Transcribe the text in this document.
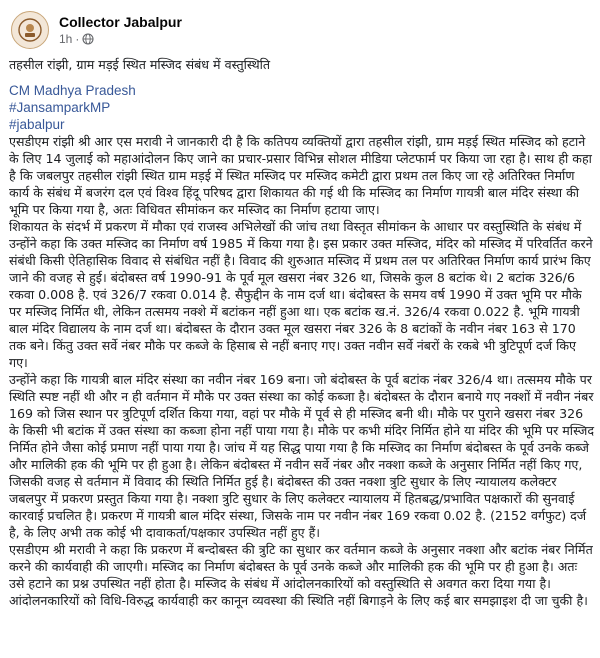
Collector Jabalpur
1h ·

तहसील रांझी, ग्राम मड़ई स्थित मस्जिद संबंध में वस्तुस्थिति

CM Madhya Pradesh
#JansamparkMP
#jabalpur

एसडीएम रांझी श्री आर एस मरावी ने जानकारी दी है कि कतिपय व्यक्तियों द्वारा तहसील रांझी, ग्राम मड़ई स्थित मस्जिद को हटाने के लिए 14 जुलाई को महाआंदोलन किए जाने का प्रचार-प्रसार विभिन्न सोशल मीडिया प्लेटफार्म पर किया जा रहा है। साथ ही कहा है कि जबलपुर तहसील रांझी स्थित ग्राम मड़ई में स्थित मस्जिद पर मस्जिद कमेटी द्वारा प्रथम तल किए जा रहे अतिरिक्त निर्माण कार्य के संबंध में बजरंग दल एवं विश्व हिंदू परिषद द्वारा शिकायत की गई थी कि मस्जिद का निर्माण गायत्री बाल मंदिर संस्था की भूमि पर किया गया है, अतः विधिवत सीमांकन कर मस्जिद का निर्माण हटाया जाए।

शिकायत के संदर्भ में प्रकरण में मौका एवं राजस्व अभिलेखों की जांच तथा विस्तृत सीमांकन के आधार पर वस्तुस्थिति के संबंध में उन्होंने कहा कि उक्त मस्जिद का निर्माण वर्ष 1985 में किया गया है। इस प्रकार उक्त मस्जिद, मंदिर को मस्जिद में परिवर्तित करने संबंधी किसी ऐतिहासिक विवाद से संबंधित नहीं है। विवाद की शुरुआत मस्जिद में प्रथम तल पर अतिरिक्त निर्माण कार्य प्रारंभ किए जाने की वजह से हुई। बंदोबस्त वर्ष 1990-91 के पूर्व मूल खसरा नंबर 326 था, जिसके कुल 8 बटांक थे। 2 बटांक 326/6 रकवा 0.008 है. एवं 326/7 रकवा 0.014 है. सैफुद्दीन के नाम दर्ज था। बंदोबस्त के समय वर्ष 1990 में उक्त भूमि पर मौके पर मस्जिद निर्मित थी, लेकिन तत्समय नक्शे में बटांकन नहीं हुआ था। एक बटांक ख.नं. 326/4 रकवा 0.022 है. भूमि गायत्री बाल मंदिर विद्यालय के नाम दर्ज था। बंदोबस्त के दौरान उक्त मूल खसरा नंबर 326 के 8 बटांकों के नवीन नंबर 163 से 170 तक बने। किंतु उक्त सर्वे नंबर मौके पर कब्जे के हिसाब से नहीं बनाए गए। उक्त नवीन सर्वे नंबरों के रकबे भी त्रुटिपूर्ण दर्ज किए गए।

उन्होंने कहा कि गायत्री बाल मंदिर संस्था का नवीन नंबर 169 बना। जो बंदोबस्त के पूर्व बटांक नंबर 326/4 था। तत्समय मौके पर स्थिति स्पष्ट नहीं थी और न ही वर्तमान में मौके पर उक्त संस्था का कोई कब्जा है। बंदोबस्त के दौरान बनाये गए नक्शों में नवीन नंबर 169 को जिस स्थान पर त्रुटिपूर्ण दर्शित किया गया, वहां पर मौके में पूर्व से ही मस्जिद बनी थी। मौके पर पुराने खसरा नंबर 326 के किसी भी बटांक में उक्त संस्था का कब्जा होना नहीं पाया गया है। मौके पर कभी मंदिर निर्मित होने या मंदिर की भूमि पर मस्जिद निर्मित होने जैसा कोई प्रमाण नहीं पाया गया है। जांच में यह सिद्ध पाया गया है कि मस्जिद का निर्माण बंदोबस्त के पूर्व उनके कब्जे और मालिकी हक की भूमि पर ही हुआ है। लेकिन बंदोबस्त में नवीन सर्वे नंबर और नक्शा कब्जे के अनुसार निर्मित नहीं किए गए, जिसकी वजह से वर्तमान में विवाद की स्थिति निर्मित हुई है। बंदोबस्त की उक्त नक्शा त्रुटि सुधार के लिए न्यायालय कलेक्टर जबलपुर में प्रकरण प्रस्तुत किया गया है। नक्शा त्रुटि सुधार के लिए कलेक्टर न्यायालय में हितबद्ध/प्रभावित पक्षकारों की सुनवाई कारवाई प्रचलित है। प्रकरण में गायत्री बाल मंदिर संस्था, जिसके नाम पर नवीन नंबर 169 रकवा 0.02 है. (2152 वर्गफुट) दर्ज है, के लिए अभी तक कोई भी दावाकर्ता/पक्षकार उपस्थित नहीं हुए हैं।

एसडीएम श्री मरावी ने कहा कि प्रकरण में बन्दोबस्त की त्रुटि का सुधार कर वर्तमान कब्जे के अनुसार नक्शा और बटांक नंबर निर्मित करने की कार्यवाही की जाएगी। मस्जिद का निर्माण बंदोबस्त के पूर्व उनके कब्जे और मालिकी हक की भूमि पर ही हुआ है। अतः उसे हटाने का प्रश्न उपस्थित नहीं होता है। मस्जिद के संबंध में आंदोलनकारियों को वस्तुस्थिति से अवगत करा दिया गया है। आंदोलनकारियों को विधि-विरुद्ध कार्यवाही कर कानून व्यवस्था की स्थिति नहीं बिगाड़ने के लिए कई बार समझाइश दी जा चुकी है।
